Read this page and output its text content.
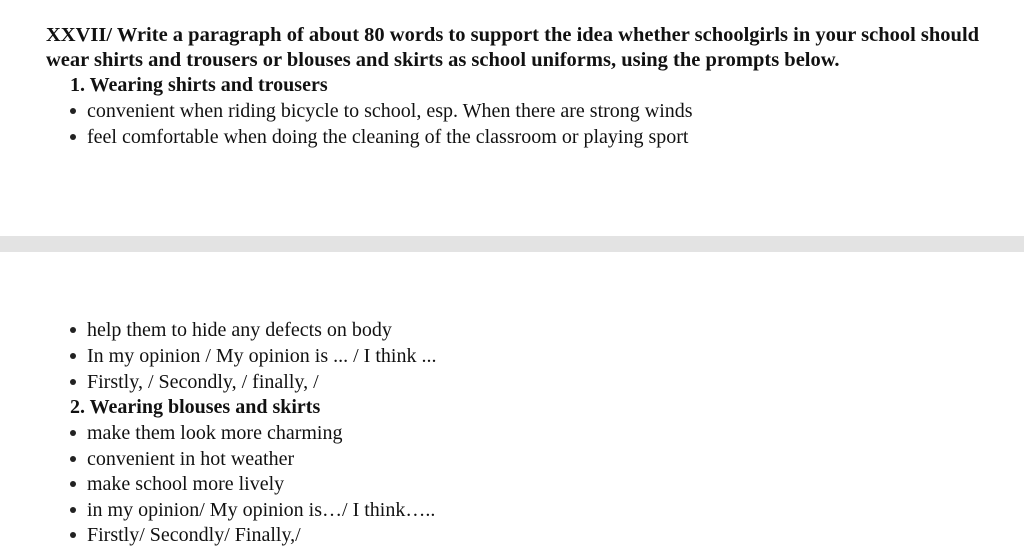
XXVII/ Write a paragraph of about 80 words to support the idea whether schoolgirls in your school should wear shirts and trousers or blouses and skirts as school uniforms, using the prompts below.

1. Wearing shirts and trousers
convenient when riding bicycle to school, esp. When there are strong winds
feel comfortable when doing the cleaning of the classroom or playing sport
help them to hide any defects on body
In my opinion / My opinion is ... / I think ...
Firstly, / Secondly, / finally, /
2. Wearing blouses and skirts
make them look more charming
convenient in hot weather
make school more lively
in my opinion/ My opinion is…/ I think…..
Firstly/ Secondly/ Finally,/
